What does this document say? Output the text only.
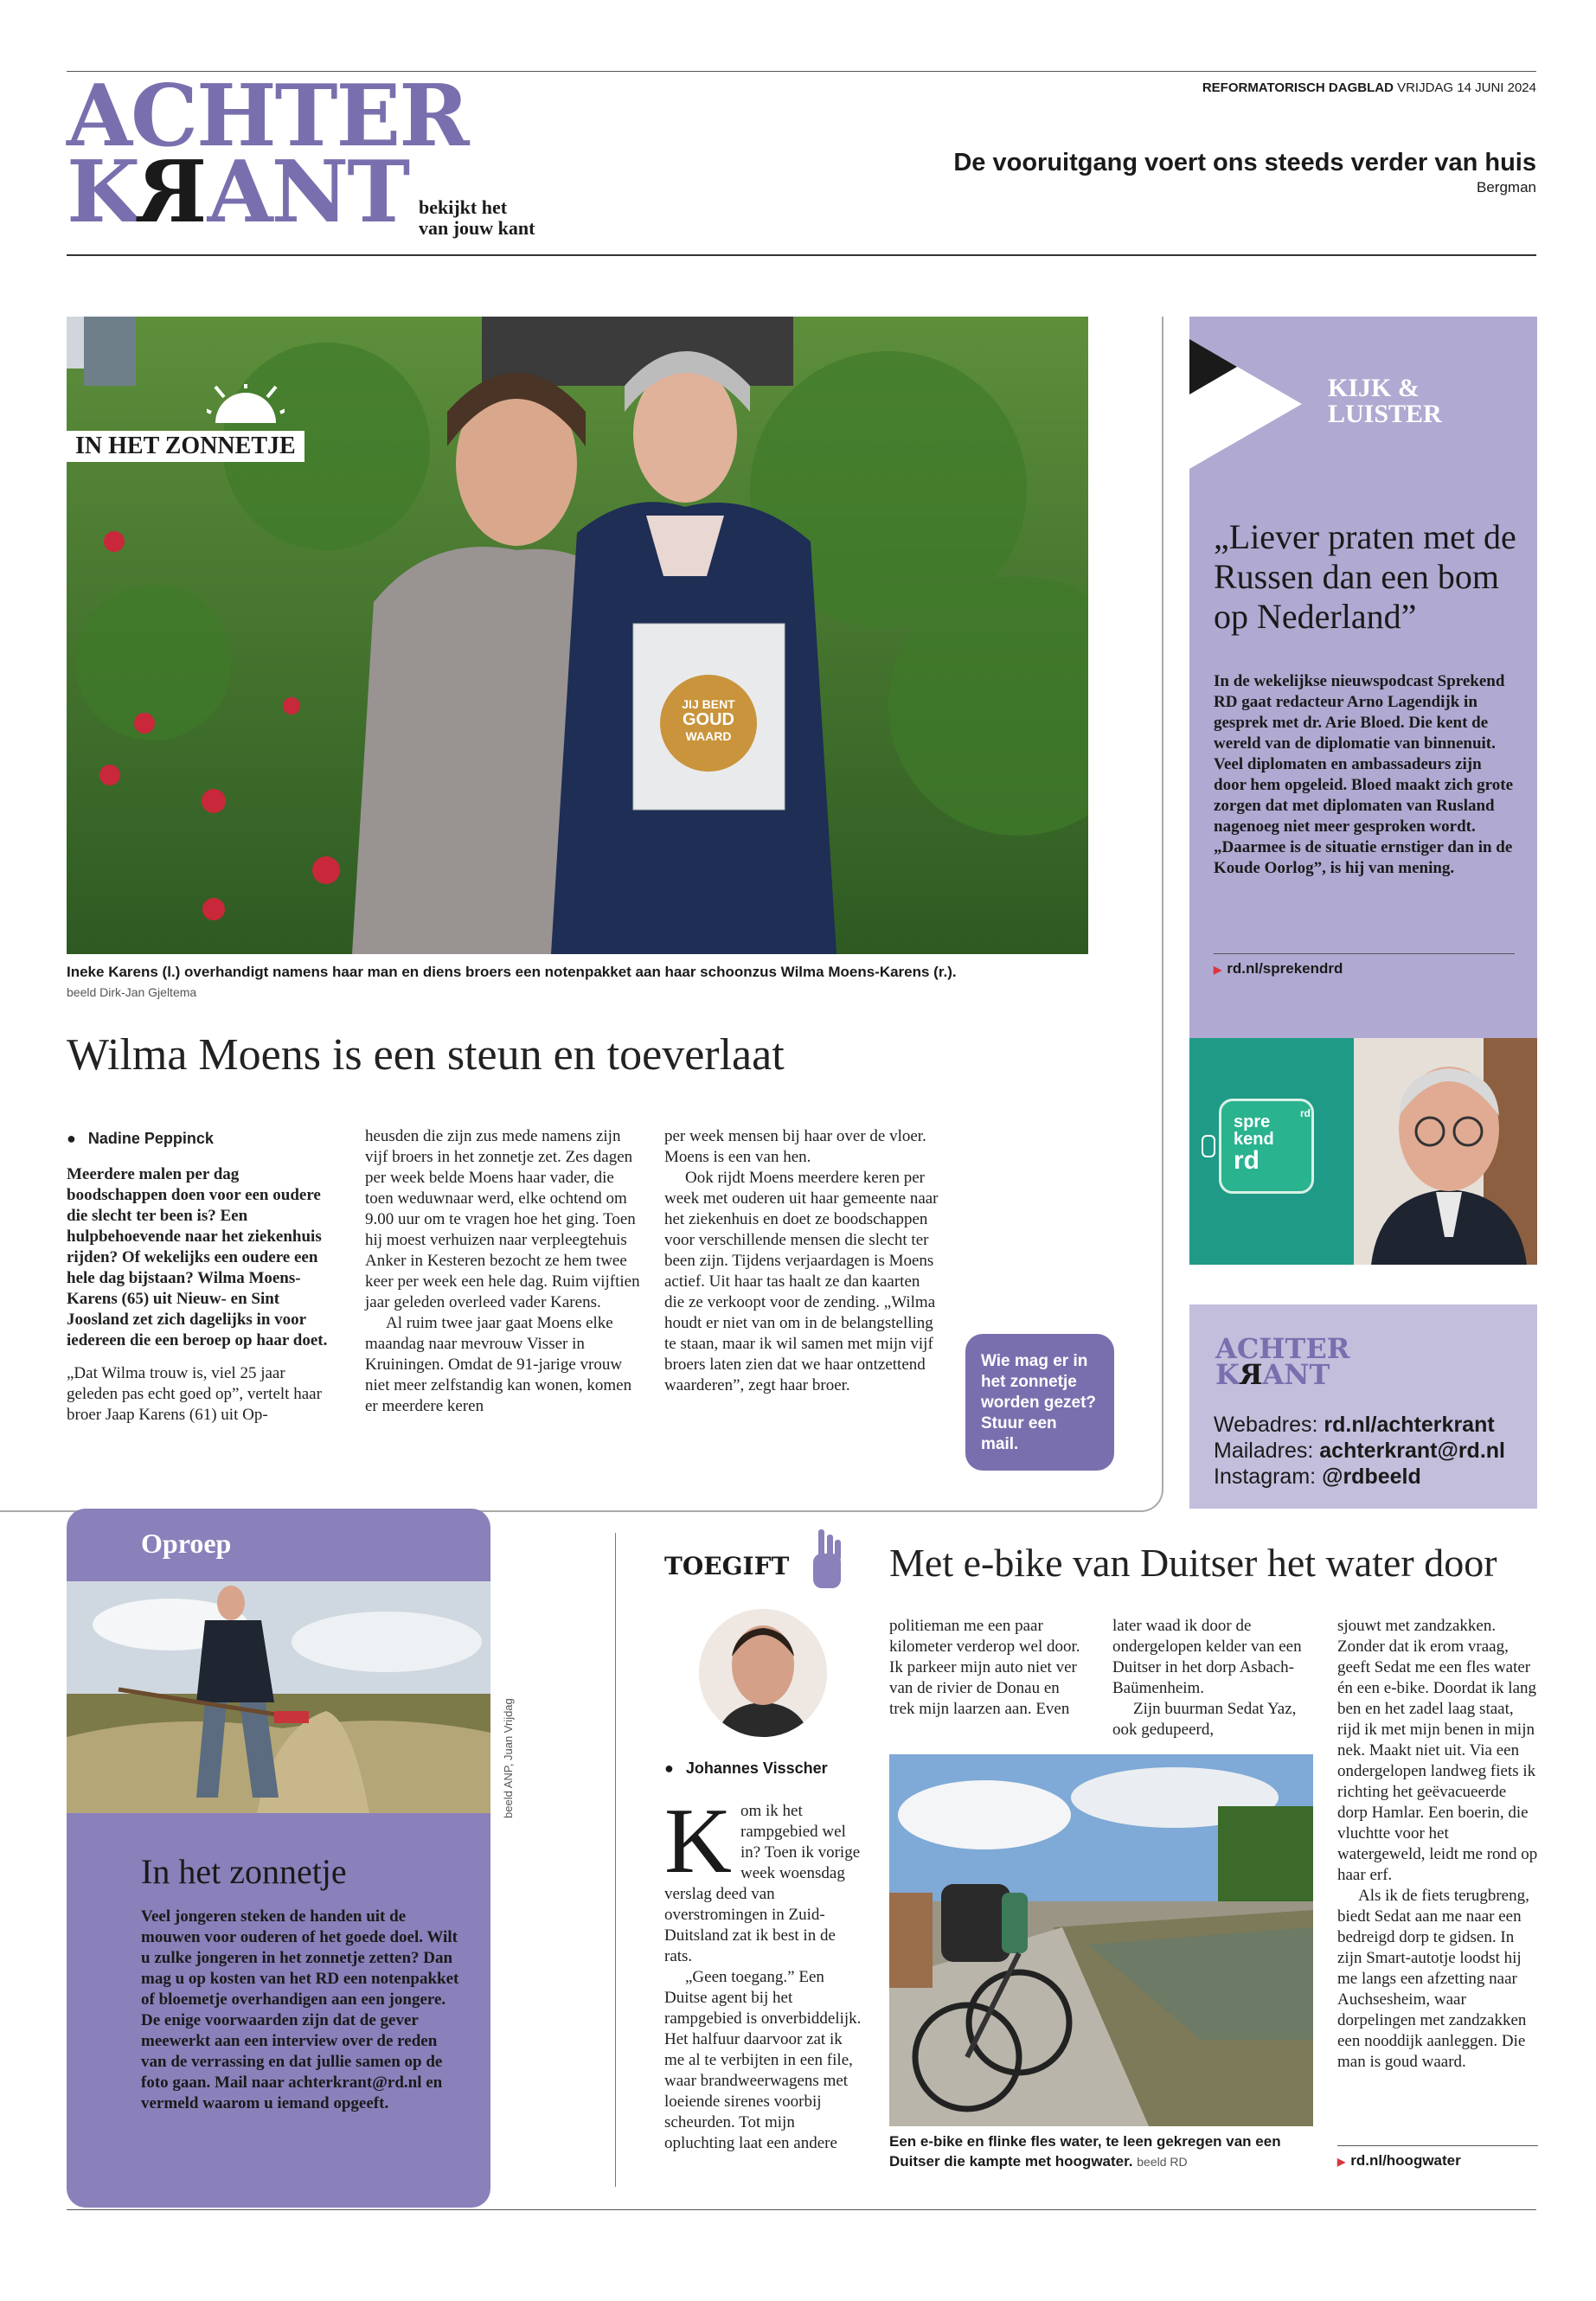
ACHTER
KRANT bekijkt het
van jouw kant
REFORMATORISCH DAGBLAD VRIJDAG 14 JUNI 2024
De vooruitgang voert ons steeds verder van huis
Bergman
JIJ BENT
GOUD
WAARD
IN HET ZONNETJE
Ineke Karens (l.) overhandigt namens haar man en diens broers een notenpakket aan haar schoonzus Wilma Moens-Karens (r.). beeld Dirk-Jan Gjeltema
Wilma Moens is een steun en toeverlaat

● Nadine Peppinck

Meerdere malen per dag boodschappen doen voor een oudere die slecht ter been is? Een hulpbehoevende naar het ziekenhuis rijden? Of wekelijks een oudere een hele dag bijstaan? Wilma Moens-Karens (65) uit Nieuw- en Sint Joosland zet zich dagelijks in voor iedereen die een beroep op haar doet.

„Dat Wilma trouw is, viel 25 jaar geleden pas echt goed op”, vertelt haar broer Jaap Karens (61) uit Op-

heusden die zijn zus mede namens zijn vijf broers in het zonnetje zet. Zes dagen per week belde Moens haar vader, die toen weduwnaar werd, elke ochtend om 9.00 uur om te vragen hoe het ging. Toen hij moest verhuizen naar verpleegtehuis Anker in Kesteren bezocht ze hem twee keer per week een hele dag. Ruim vijftien jaar geleden overleed vader Karens.

Al ruim twee jaar gaat Moens elke maandag naar mevrouw Visser in Kruiningen. Omdat de 91-jarige vrouw niet meer zelfstandig kan wonen, komen er meerdere keren

per week mensen bij haar over de vloer. Moens is een van hen.

Ook rijdt Moens meerdere keren per week met ouderen uit haar gemeente naar het ziekenhuis en doet ze boodschappen voor verschillende mensen die slecht ter been zijn. Tijdens verjaardagen is Moens actief. Uit haar tas haalt ze dan kaarten die ze verkoopt voor de zending. „Wilma houdt er niet van om in de belangstelling te staan, maar ik wil samen met mijn vijf broers laten zien dat we haar ontzettend waarderen”, zegt haar broer.

Wie mag er in het zonnetje worden gezet? Stuur een mail.
KIJK &
LUISTER
„Liever praten met de Russen dan een bom op Nederland”
In de wekelijkse nieuwspodcast Sprekend RD gaat redacteur Arno Lagendijk in gesprek met dr. Arie Bloed. Die kent de wereld van de diplomatie van binnenuit. Veel diplomaten en ambassadeurs zijn door hem opgeleid. Bloed maakt zich grote zorgen dat met diplomaten van Rusland nagenoeg niet meer gesproken wordt. „Daarmee is de situatie ernstiger dan in de Koude Oorlog”, is hij van mening.
▶ rd.nl/sprekendrd
spre
kend
rd
rd
ACHTER
KRANT
Webadres: rd.nl/achterkrant
Mailadres: achterkrant@rd.nl
Instagram: @rdbeeld
Oproep
In het zonnetje
Veel jongeren steken de handen uit de mouwen voor ouderen of het goede doel. Wilt u zulke jongeren in het zonnetje zetten? Dan mag u op kosten van het RD een notenpakket of bloemetje overhandigen aan een jongere. De enige voorwaarden zijn dat de gever meewerkt aan een interview over de reden van de verrassing en dat jullie samen op de foto gaan. Mail naar achterkrant@rd.nl en vermeld waarom u iemand opgeeft.
beeld ANP, Juan Vrijdag
TOEGIFT	Met e-bike van Duitser het water door
● Johannes Visscher
K om ik het rampgebied wel in? Toen ik vorige week woensdag verslag deed van overstromingen in Zuid-Duitsland zat ik best in de rats.

„Geen toegang.” Een Duitse agent bij het rampgebied is onverbiddelijk. Het halfuur daarvoor zat ik me al te verbijten in een file, waar brandweerwagens met loeiende sirenes voorbij scheurden. Tot mijn opluchting laat een andere

politieman me een paar kilometer verderop wel door. Ik parkeer mijn auto niet ver van de rivier de Donau en trek mijn laarzen aan. Even

later waad ik door de ondergelopen kelder van een Duitser in het dorp Asbach-Baümenheim.

Zijn buurman Sedat Yaz, ook gedupeerd,

sjouwt met zandzakken. Zonder dat ik erom vraag, geeft Sedat me een fles water én een e-bike. Doordat ik lang ben en het zadel laag staat, rijd ik met mijn benen in mijn nek. Maakt niet uit. Via een ondergelopen landweg fiets ik richting het geëvacueerde dorp Hamlar. Een boerin, die vluchtte voor het watergeweld, leidt me rond op haar erf.

Als ik de fiets terugbreng, biedt Sedat aan me naar een bedreigd dorp te gidsen. In zijn Smart-autotje loodst hij me langs een afzetting naar Auchsesheim, waar dorpelingen met zandzakken een nooddijk aanleggen. Die man is goud waard.

Een e-bike en flinke fles water, te leen gekregen van een Duitser die kampte met hoogwater. beeld RD	▶ rd.nl/hoogwater
